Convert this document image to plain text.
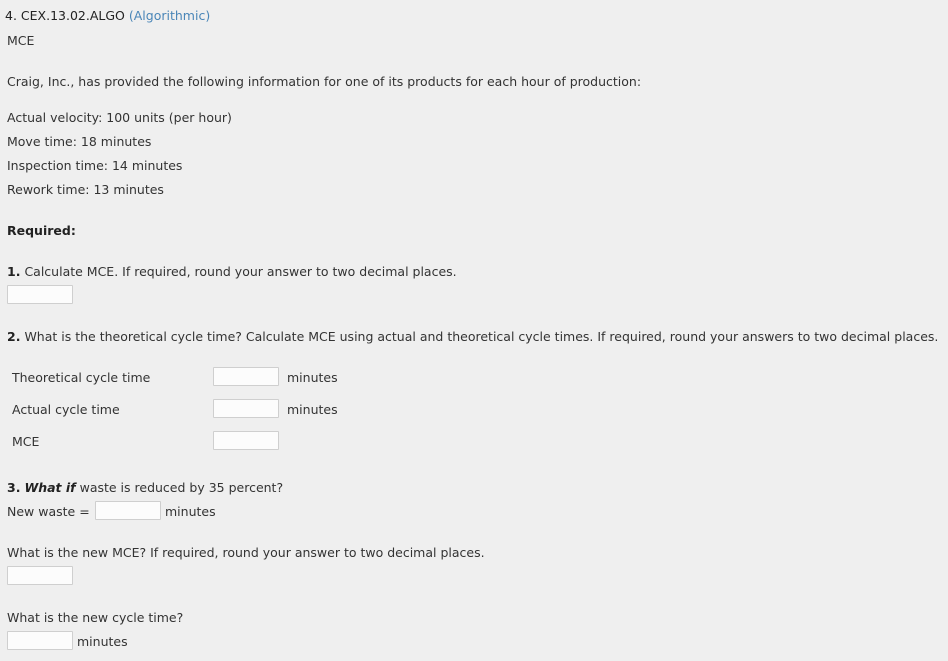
4. CEX.13.02.ALGO (Algorithmic)
MCE
Craig, Inc., has provided the following information for one of its products for each hour of production:
Actual velocity: 100 units (per hour)
Move time: 18 minutes
Inspection time: 14 minutes
Rework time: 13 minutes
Required:
1. Calculate MCE. If required, round your answer to two decimal places.
2. What is the theoretical cycle time? Calculate MCE using actual and theoretical cycle times. If required, round your answers to two decimal places.
Theoretical cycle time	minutes
Actual cycle time	minutes
MCE
3. What if waste is reduced by 35 percent?
New waste =	minutes
What is the new MCE? If required, round your answer to two decimal places.
What is the new cycle time?
minutes
